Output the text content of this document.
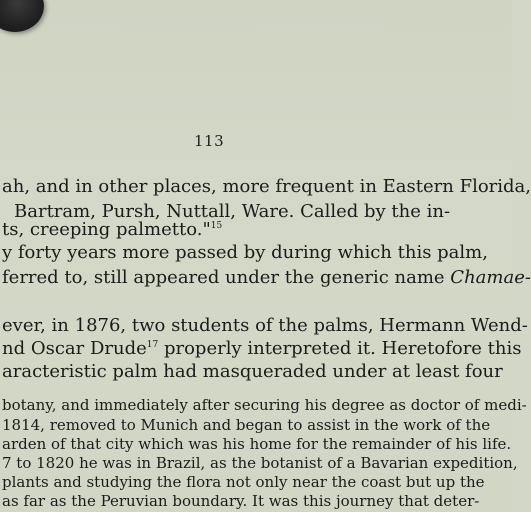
113
ah, and in other places, more frequent in Eastern Florida,
Bartram, Pursh, Nuttall, Ware. Called by the in-
ts, creeping palmetto."$^{15}$
y forty years more passed by during which this palm,
ferred to, still appeared under the generic name Chamae-
ever, in 1876, two students of the palms, Hermann Wend-
nd Oscar Drude$^{17}$ properly interpreted it. Heretofore this
aracteristic palm had masqueraded under at least four
botany, and immediately after securing his degree as doctor of medi-
1814, removed to Munich and began to assist in the work of the
arden of that city which was his home for the remainder of his life.
7 to 1820 he was in Brazil, as the botanist of a Bavarian expedition,
plants and studying the flora not only near the coast but up the
as far as the Peruvian boundary. It was this journey that deter-
